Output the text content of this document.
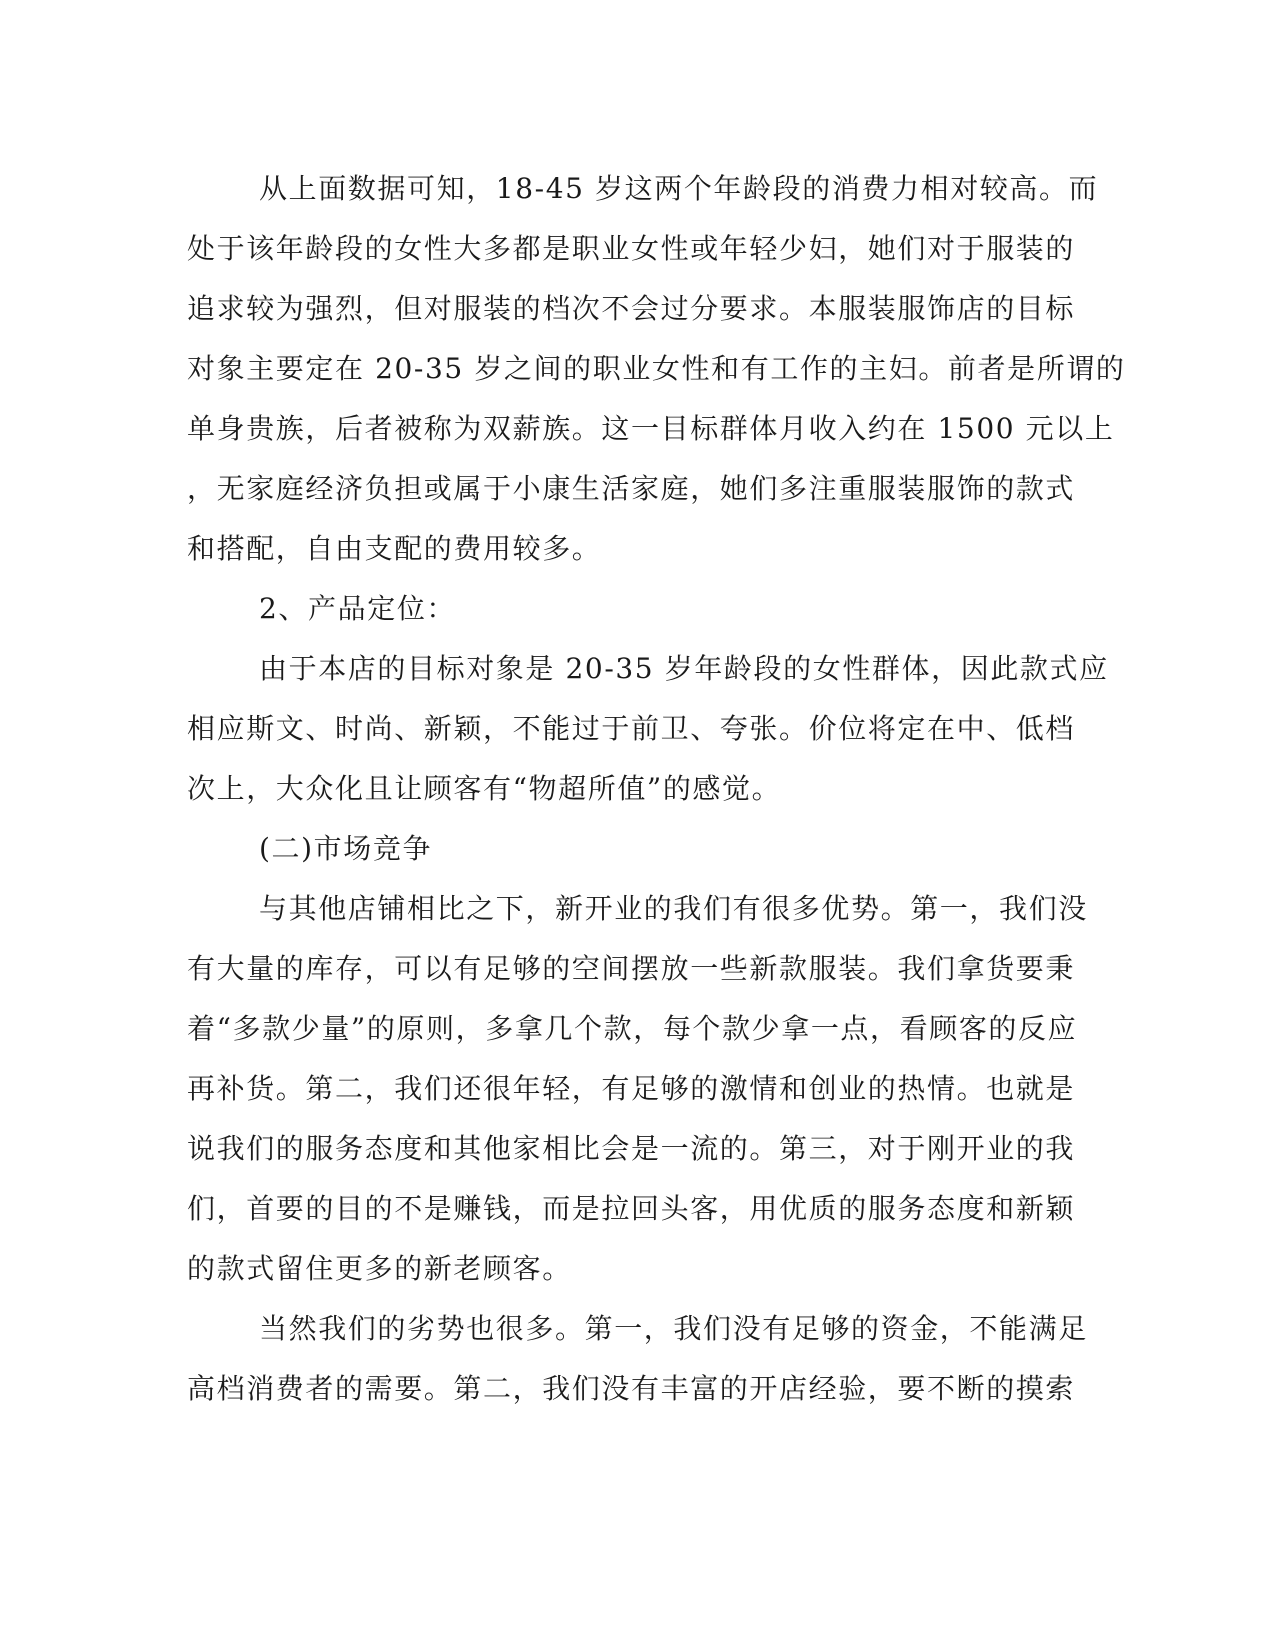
从上面数据可知，18-45 岁这两个年龄段的消费力相对较高。而
处于该年龄段的女性大多都是职业女性或年轻少妇，她们对于服装的
追求较为强烈，但对服装的档次不会过分要求。本服装服饰店的目标
对象主要定在 20-35 岁之间的职业女性和有工作的主妇。前者是所谓的
单身贵族，后者被称为双薪族。这一目标群体月收入约在 1500 元以上
，无家庭经济负担或属于小康生活家庭，她们多注重服装服饰的款式
和搭配，自由支配的费用较多。
2、产品定位：
由于本店的目标对象是 20-35 岁年龄段的女性群体，因此款式应
相应斯文、时尚、新颖，不能过于前卫、夸张。价位将定在中、低档
次上，大众化且让顾客有“物超所值”的感觉。
(二)市场竞争
与其他店铺相比之下，新开业的我们有很多优势。第一，我们没
有大量的库存，可以有足够的空间摆放一些新款服装。我们拿货要秉
着“多款少量”的原则，多拿几个款，每个款少拿一点，看顾客的反应
再补货。第二，我们还很年轻，有足够的激情和创业的热情。也就是
说我们的服务态度和其他家相比会是一流的。第三，对于刚开业的我
们，首要的目的不是赚钱，而是拉回头客，用优质的服务态度和新颖
的款式留住更多的新老顾客。
当然我们的劣势也很多。第一，我们没有足够的资金，不能满足
高档消费者的需要。第二，我们没有丰富的开店经验，要不断的摸索
